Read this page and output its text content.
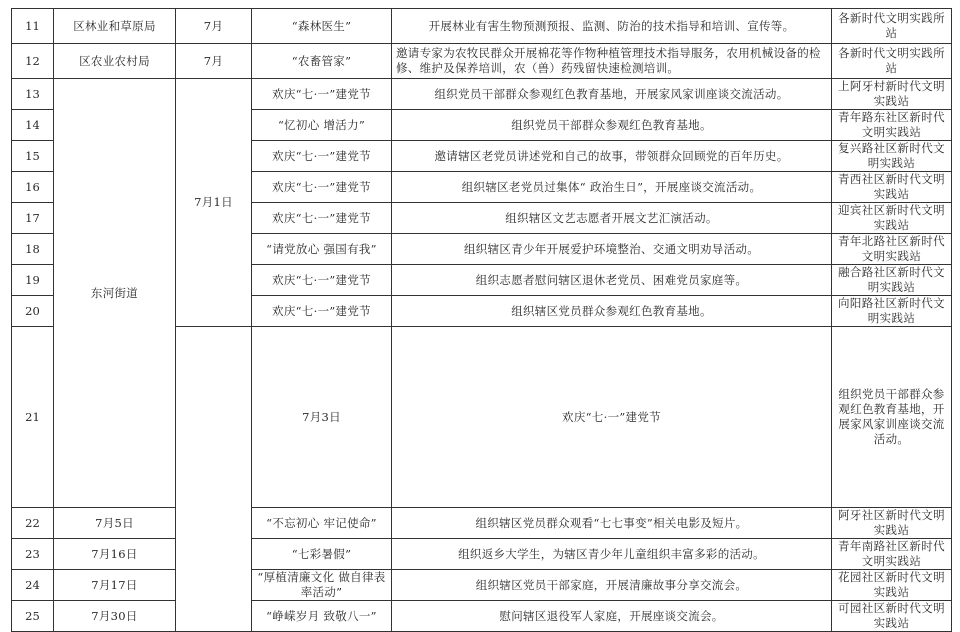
11	区林业和草原局	7月	“森林医生”	开展林业有害生物预测预报、监测、防治的技术指导和培训、宣传等。	各新时代文明实践所站	
12	区农业农村局	7月	“农畜管家”	邀请专家为农牧民群众开展棉花等作物种植管理技术指导服务，农用机械设备的检修、维护及保养培训，农（兽）药残留快速检测培训。	各新时代文明实践所站	
13	东河街道	7月1日	欢庆“七·一”建党节	组织党员干部群众参观红色教育基地，开展家风家训座谈交流活动。	上阿牙村新时代文明实践站	
14			“忆初心 增活力”	组织党员干部群众参观红色教育基地。	青年路东社区新时代文明实践站	
15			欢庆“七·一”建党节	邀请辖区老党员讲述党和自己的故事，带领群众回顾党的百年历史。	复兴路社区新时代文明实践站	
16			欢庆“七·一”建党节	组织辖区老党员过集体“ 政治生日”，开展座谈交流活动。	青西社区新时代文明实践站	
17			欢庆“七·一”建党节	组织辖区文艺志愿者开展文艺汇演活动。	迎宾社区新时代文明实践站	
18			“请党放心 强国有我”	组织辖区青少年开展爱护环境整治、交通文明劝导活动。	青年北路社区新时代文明实践站	
19			欢庆“七·一”建党节	组织志愿者慰问辖区退休老党员、困难党员家庭等。	融合路社区新时代文明实践站	
20			欢庆“七·一”建党节	组织辖区党员群众参观红色教育基地。	向阳路社区新时代文明实践站	
21			7月3日	欢庆“七·一”建党节	组织党员干部群众参观红色教育基地，开展家风家训座谈交流活动。	
22	7月5日		“不忘初心 牢记使命”	组织辖区党员群众观看“七七事变”相关电影及短片。	阿牙社区新时代文明实践站	
23	7月16日		“七彩暑假”	组织返乡大学生，为辖区青少年儿童组织丰富多彩的活动。	青年南路社区新时代文明实践站	
24	7月17日		“厚植清廉文化 做自律表率活动”	组织辖区党员干部家庭，开展清廉故事分享交流会。	花园社区新时代文明实践站	
25	7月30日		“峥嵘岁月 致敬八一”	慰问辖区退役军人家庭，开展座谈交流会。	可园社区新时代文明实践站	
